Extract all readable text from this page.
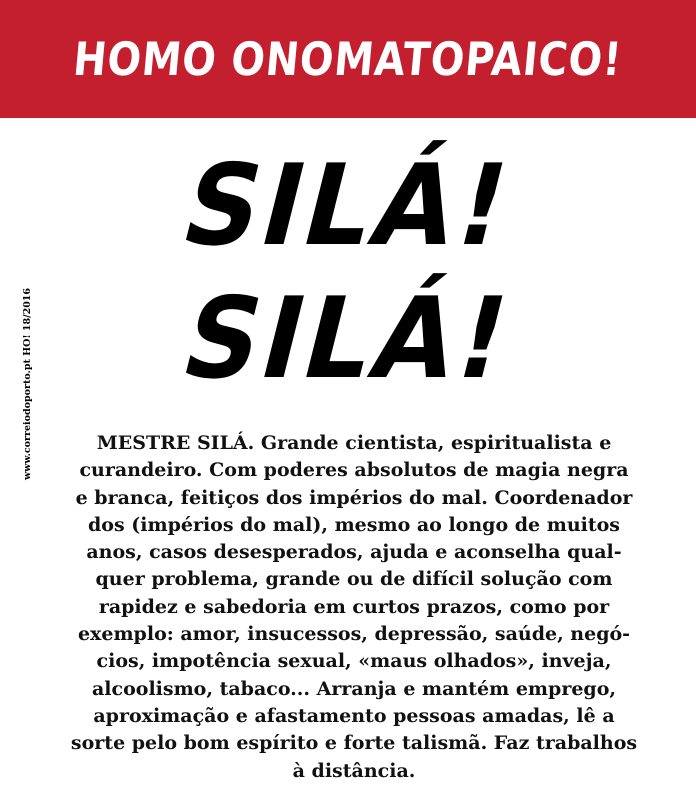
HOMO ONOMATOPAICO!
SILÁ!
SILÁ!
www.correiodoporto.pt HO! 18/2016	MESTRE SILÁ. Grande cientista, espiritualista e
curandeiro. Com poderes absolutos de magia negra
e branca, feitiços dos impérios do mal. Coordenador
dos (impérios do mal), mesmo ao longo de muitos
anos, casos desesperados, ajuda e aconselha qual-
quer problema, grande ou de difícil solução com
rapidez e sabedoria em curtos prazos, como por
exemplo: amor, insucessos, depressão, saúde, negó-
cios, impotência sexual, «maus olhados», inveja,
alcoolismo, tabaco... Arranja e mantém emprego,
aproximação e afastamento pessoas amadas, lê a
sorte pelo bom espírito e forte talismã. Faz trabalhos
à distância.
